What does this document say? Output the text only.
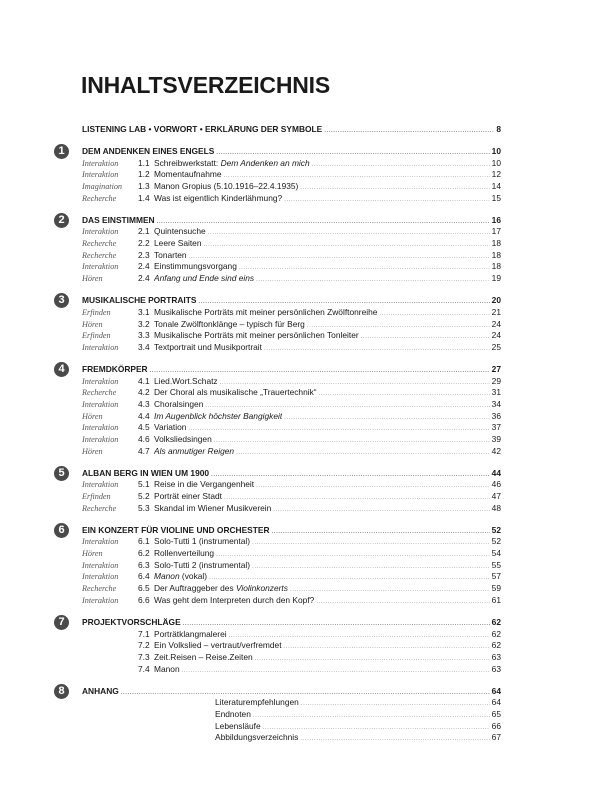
INHALTSVERZEICHNIS
LISTENING LAB • VORWORT • ERKLÄRUNG DER SYMBOLE .....	8
1	DEM ANDENKEN EINES ENGELS .....	10
Interaktion	1.1 Schreibwerkstatt: Dem Andenken an mich .....	10
Interaktion	1.2 Momentaufnahme .....	12
Imagination	1.3 Manon Gropius (5.10.1916–22.4.1935) .....	14
Recherche	1.4 Was ist eigentlich Kinderlähmung? .....	15
2	DAS EINSTIMMEN .....	16
Interaktion	2.1 Quintensuche .....	17
Recherche	2.2 Leere Saiten .....	18
Recherche	2.3 Tonarten .....	18
Interaktion	2.4 Einstimmungsvorgang .....	18
Hören	2.4 Anfang und Ende sind eins .....	19
3	MUSIKALISCHE PORTRAITS .....	20
Erfinden	3.1 Musikalische Porträts mit meiner persönlichen Zwölftonreihe .....	21
Hören	3.2 Tonale Zwölftonklänge – typisch für Berg .....	24
Erfinden	3.3 Musikalische Porträts mit meiner persönlichen Tonleiter .....	24
Interaktion	3.4 Textportrait und Musikportrait .....	25
4	FREMDKÖRPER .....	27
Interaktion	4.1 Lied.Wort.Schatz .....	29
Recherche	4.2 Der Choral als musikalische „Trauertechnik“ .....	31
Interaktion	4.3 Choralsingen .....	34
Hören	4.4 Im Augenblick höchster Bangigkeit .....	36
Interaktion	4.5 Variation .....	37
Interaktion	4.6 Volksliedsingen .....	39
Hören	4.7 Als anmutiger Reigen .....	42
5	ALBAN BERG IN WIEN UM 1900 .....	44
Interaktion	5.1 Reise in die Vergangenheit .....	46
Erfinden	5.2 Porträt einer Stadt .....	47
Recherche	5.3 Skandal im Wiener Musikverein .....	48
6	EIN KONZERT FÜR VIOLINE UND ORCHESTER .....	52
Interaktion	6.1 Solo-Tutti 1 (instrumental) .....	52
Hören	6.2 Rollenverteilung .....	54
Interaktion	6.3 Solo-Tutti 2 (instrumental) .....	55
Interaktion	6.4 Manon (vokal) .....	57
Recherche	6.5 Der Auftraggeber des Violinkonzerts .....	59
Interaktion	6.6 Was geht dem Interpreten durch den Kopf? .....	61
7	PROJEKTVORSCHLÄGE .....	62
7.1 Porträtklangmalerei .....	62
7.2 Ein Volkslied – vertraut/verfremdet .....	62
7.3 Zeit.Reisen – Reise.Zeiten .....	63
7.4 Manon .....	63
8	ANHANG .....	64
Literaturempfehlungen .....	64
Endnoten .....	65
Lebensläufe .....	66
Abbildungsverzeichnis .....	67
